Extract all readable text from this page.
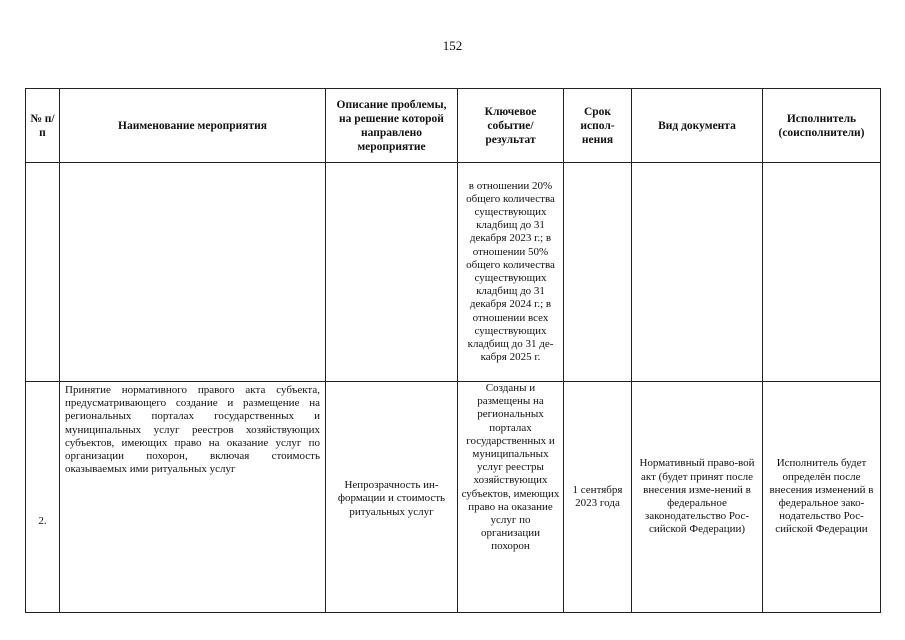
152
№ п/п	Наименование мероприятия	Описание проблемы, на решение которой направлено мероприятие	Ключевое событие/ результат	Срок испол-нения	Вид документа	Исполнитель (соисполнители)
			в отношении 20% общего количества существующих кладбищ до 31 декабря 2023 г.; в отношении 50% общего количества существующих кладбищ до 31 декабря 2024 г.; в отношении всех существующих кладбищ до 31 де-кабря 2025 г.			
2.	Принятие нормативного правого акта субъекта, предусматривающего создание и размещение на региональных порталах государственных и муниципальных услуг реестров хозяйствующих субъектов, имеющих право на оказание услуг по организации похорон, включая стоимость оказываемых ими ритуальных услуг	Непрозрачность ин-формации и стоимость ритуальных услуг	Созданы и размещены на региональных порталах государственных и муниципальных услуг реестры хозяйствующих субъектов, имеющих право на оказание услуг по организации похорон	1 сентября 2023 года	Нормативный право-вой акт (будет принят после внесения изме-нений в федеральное законодательство Рос-сийской Федерации)	Исполнитель будет определён после внесения изменений в федеральное зако-нодательство Рос-сийской Федерации
